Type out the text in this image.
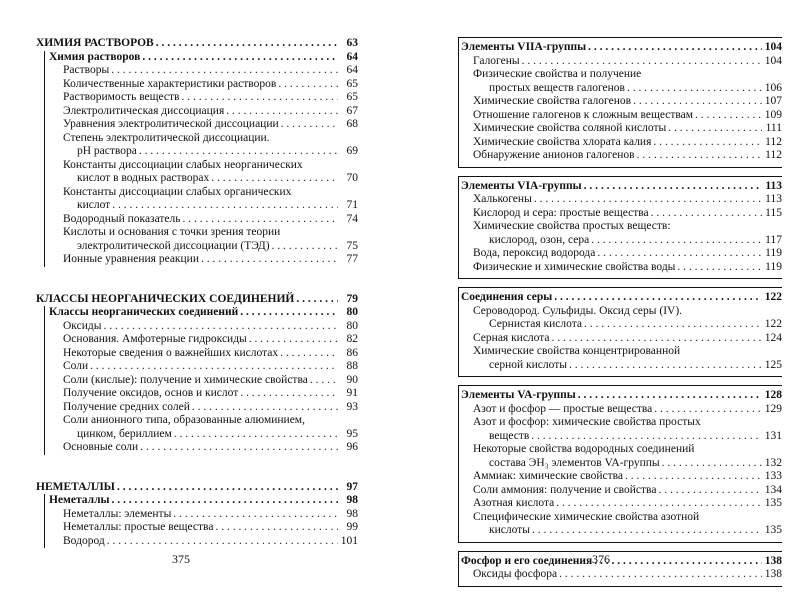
ХИМИЯ РАСТВОРОВ . . .	63
Химия растворов . . .	64
Растворы . . .	64
Количественные характеристики растворов . . .	65
Растворимость веществ . . .	65
Электролитическая диссоциация . . .	67
Уравнения электролитической диссоциации . . .	68
Степень электролитической диссоциации.
pH раствора . . .	69
Константы диссоциации слабых неорганических
кислот в водных растворах . . .	70
Константы диссоциации слабых органических
кислот . . .	71
Водородный показатель . . .	74
Кислоты и основания с точки зрения теории
электролитической диссоциации (ТЭД) . . .	75
Ионные уравнения реакции . . .	77
КЛАССЫ НЕОРГАНИЧЕСКИХ СОЕДИНЕНИЙ . . .	79
Классы неорганических соединений . . .	80
Оксиды . . .	80
Основания. Амфотерные гидроксиды . . .	82
Некоторые сведения о важнейших кислотах . . .	86
Соли . . .	88
Соли (кислые): получение и химические свойства . . .	90
Получение оксидов, основ и кислот . . .	91
Получение средних солей . . .	93
Соли анионного типа, образованные алюминием,
цинком, бериллием . . .	95
Основные соли . . .	96
НЕМЕТАЛЛЫ . . .	97
Неметаллы . . .	98
Неметаллы: элементы . . .	98
Неметаллы: простые вещества . . .	99
Водород . . .	101
375
Элементы VIIA-группы . . .	104
Галогены . . .	104
Физические свойства и получение
простых веществ галогенов . . .	106
Химические свойства галогенов . . .	107
Отношение галогенов к сложным веществам . . .	109
Химические свойства соляной кислоты . . .	111
Химические свойства хлората калия . . .	112
Обнаружение анионов галогенов . . .	112
Элементы VIA-группы . . .	113
Халькогены . . .	113
Кислород и сера: простые вещества . . .	115
Химические свойства простых веществ:
кислород, озон, сера . . .	117
Вода, пероксид водорода . . .	119
Физические и химические свойства воды . . .	119
Соединения серы . . .	122
Сероводород. Сульфиды. Оксид серы (IV).
Сернистая кислота . . .	122
Серная кислота . . .	124
Химические свойства концентрированной
серной кислоты . . .	125
Элементы VA-группы . . .	128
Азот и фосфор — простые вещества . . .	129
Азот и фосфор: химические свойства простых
веществ . . .	131
Некоторые свойства водородных соединений
состава ЭН₃ элементов VA-группы . . .	132
Аммиак: химические свойства . . .	133
Соли аммония: получение и свойства . . .	134
Азотная кислота . . .	135
Специфические химические свойства азотной
кислоты . . .	135
Фосфор и его соединения . . .	138
Оксиды фосфора . . .	138
376
